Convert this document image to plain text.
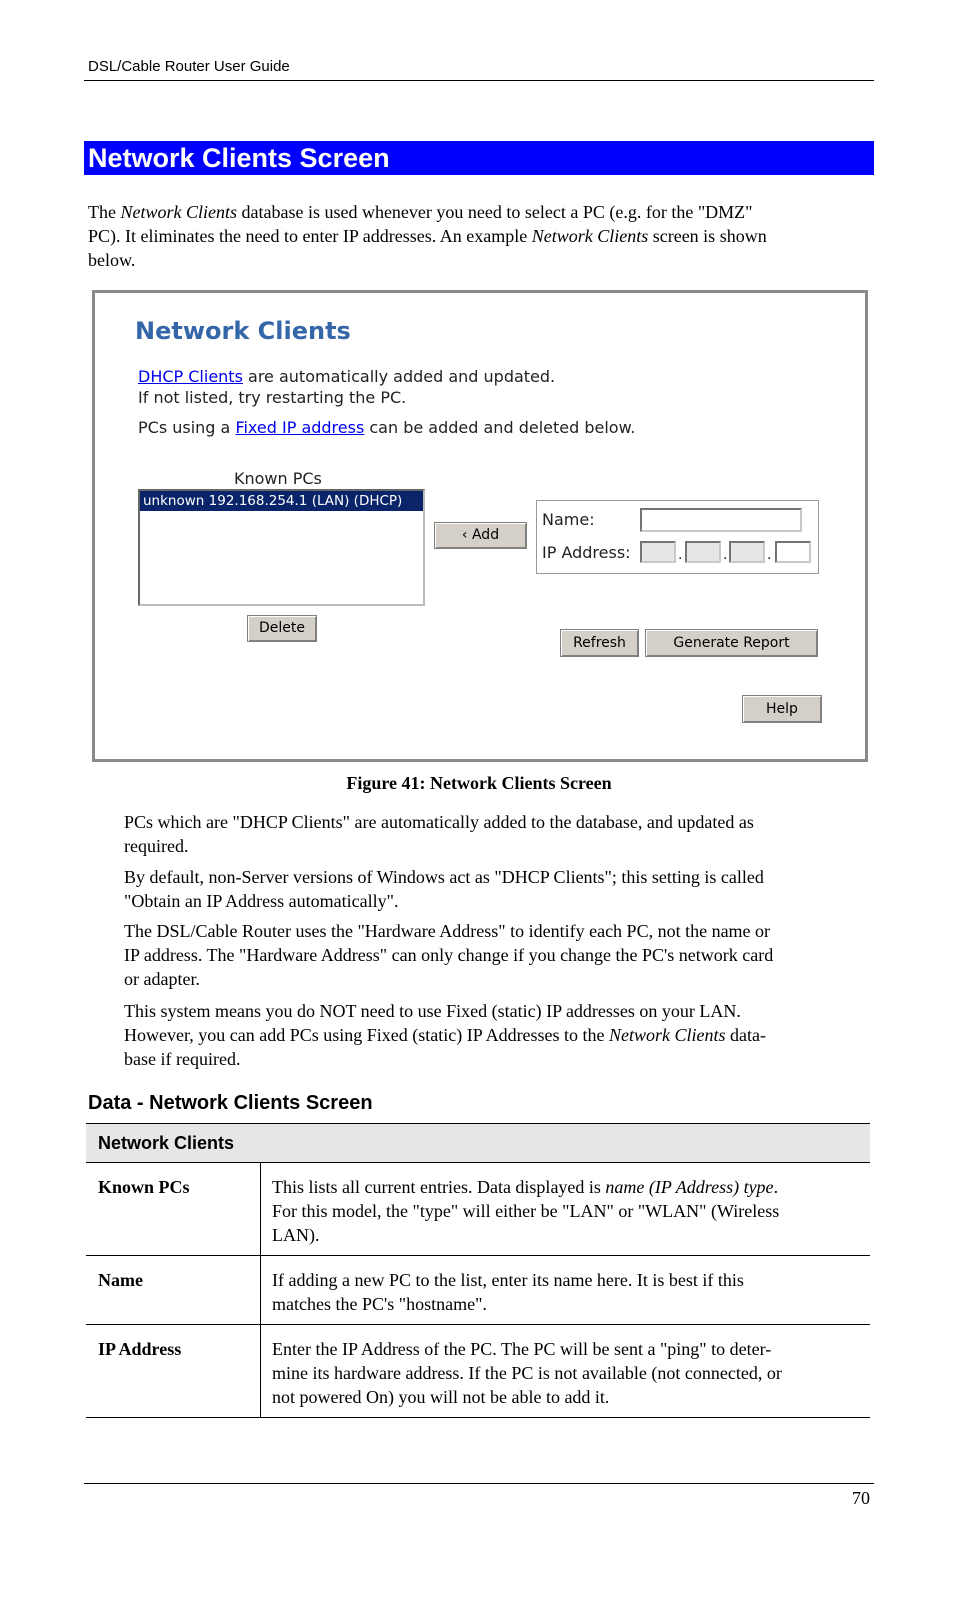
DSL/Cable Router User Guide
Network Clients Screen
The Network Clients database is used whenever you need to select a PC (e.g. for the "DMZ"
PC). It eliminates the need to enter IP addresses. An example Network Clients screen is shown
below.
Network Clients
DHCP Clients are automatically added and updated.
If not listed, try restarting the PC.
PCs using a Fixed IP address can be added and deleted below.
Known PCs
unknown 192.168.254.1 (LAN) (DHCP)
‹ Add
Delete
Name:
IP Address:	.	.	.
Refresh	Generate Report
Help
Figure 41: Network Clients Screen
PCs which are "DHCP Clients" are automatically added to the database, and updated as
required.
By default, non-Server versions of Windows act as "DHCP Clients"; this setting is called
"Obtain an IP Address automatically".
The DSL/Cable Router uses the "Hardware Address" to identify each PC, not the name or
IP address. The "Hardware Address" can only change if you change the PC's network card
or adapter.
This system means you do NOT need to use Fixed (static) IP addresses on your LAN.
However, you can add PCs using Fixed (static) IP Addresses to the Network Clients data-
base if required.
Data - Network Clients Screen
Network Clients	
Known PCs	This lists all current entries. Data displayed is name (IP Address) type.
For this model, the "type" will either be "LAN" or "WLAN" (Wireless
LAN).

Name	If adding a new PC to the list, enter its name here. It is best if this
matches the PC's "hostname".

IP Address	Enter the IP Address of the PC. The PC will be sent a "ping" to deter-
mine its hardware address. If the PC is not available (not connected, or
not powered On) you will not be able to add it.
70
